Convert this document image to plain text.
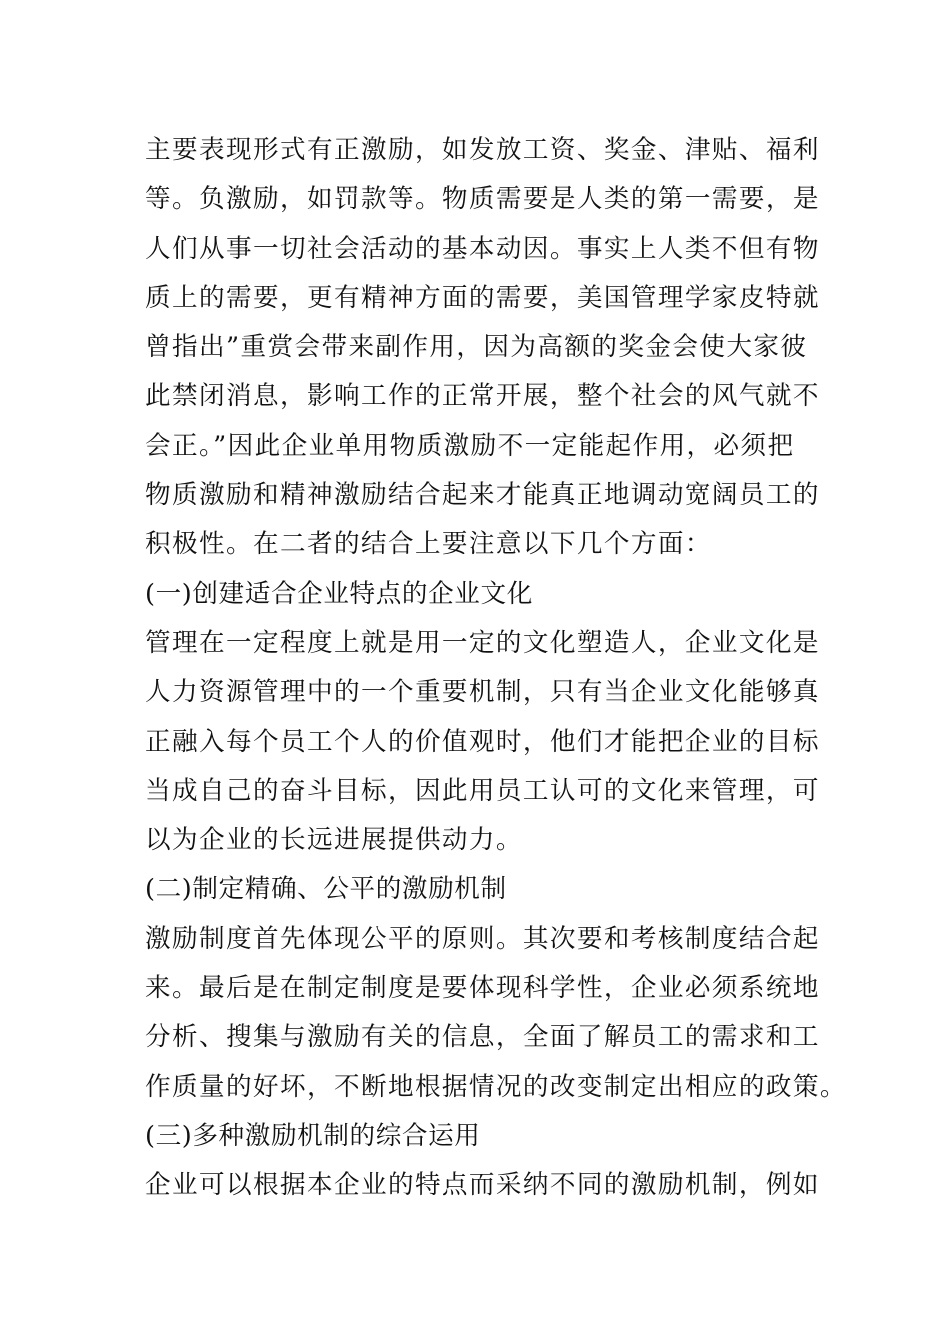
主要表现形式有正激励，如发放工资、奖金、津贴、福利
等。负激励，如罚款等。物质需要是人类的第一需要，是
人们从事一切社会活动的基本动因。事实上人类不但有物
质上的需要，更有精神方面的需要，美国管理学家皮特就
曾指出”重赏会带来副作用，因为高额的奖金会使大家彼
此禁闭消息，影响工作的正常开展，整个社会的风气就不
会正。”因此企业单用物质激励不一定能起作用，必须把
物质激励和精神激励结合起来才能真正地调动宽阔员工的
积极性。在二者的结合上要注意以下几个方面：
(一)创建适合企业特点的企业文化
管理在一定程度上就是用一定的文化塑造人，企业文化是
人力资源管理中的一个重要机制，只有当企业文化能够真
正融入每个员工个人的价值观时，他们才能把企业的目标
当成自己的奋斗目标，因此用员工认可的文化来管理，可
以为企业的长远进展提供动力。
(二)制定精确、公平的激励机制
激励制度首先体现公平的原则。其次要和考核制度结合起
来。最后是在制定制度是要体现科学性，企业必须系统地
分析、搜集与激励有关的信息，全面了解员工的需求和工
作质量的好坏，不断地根据情况的改变制定出相应的政策。
(三)多种激励机制的综合运用
企业可以根据本企业的特点而采纳不同的激励机制，例如
